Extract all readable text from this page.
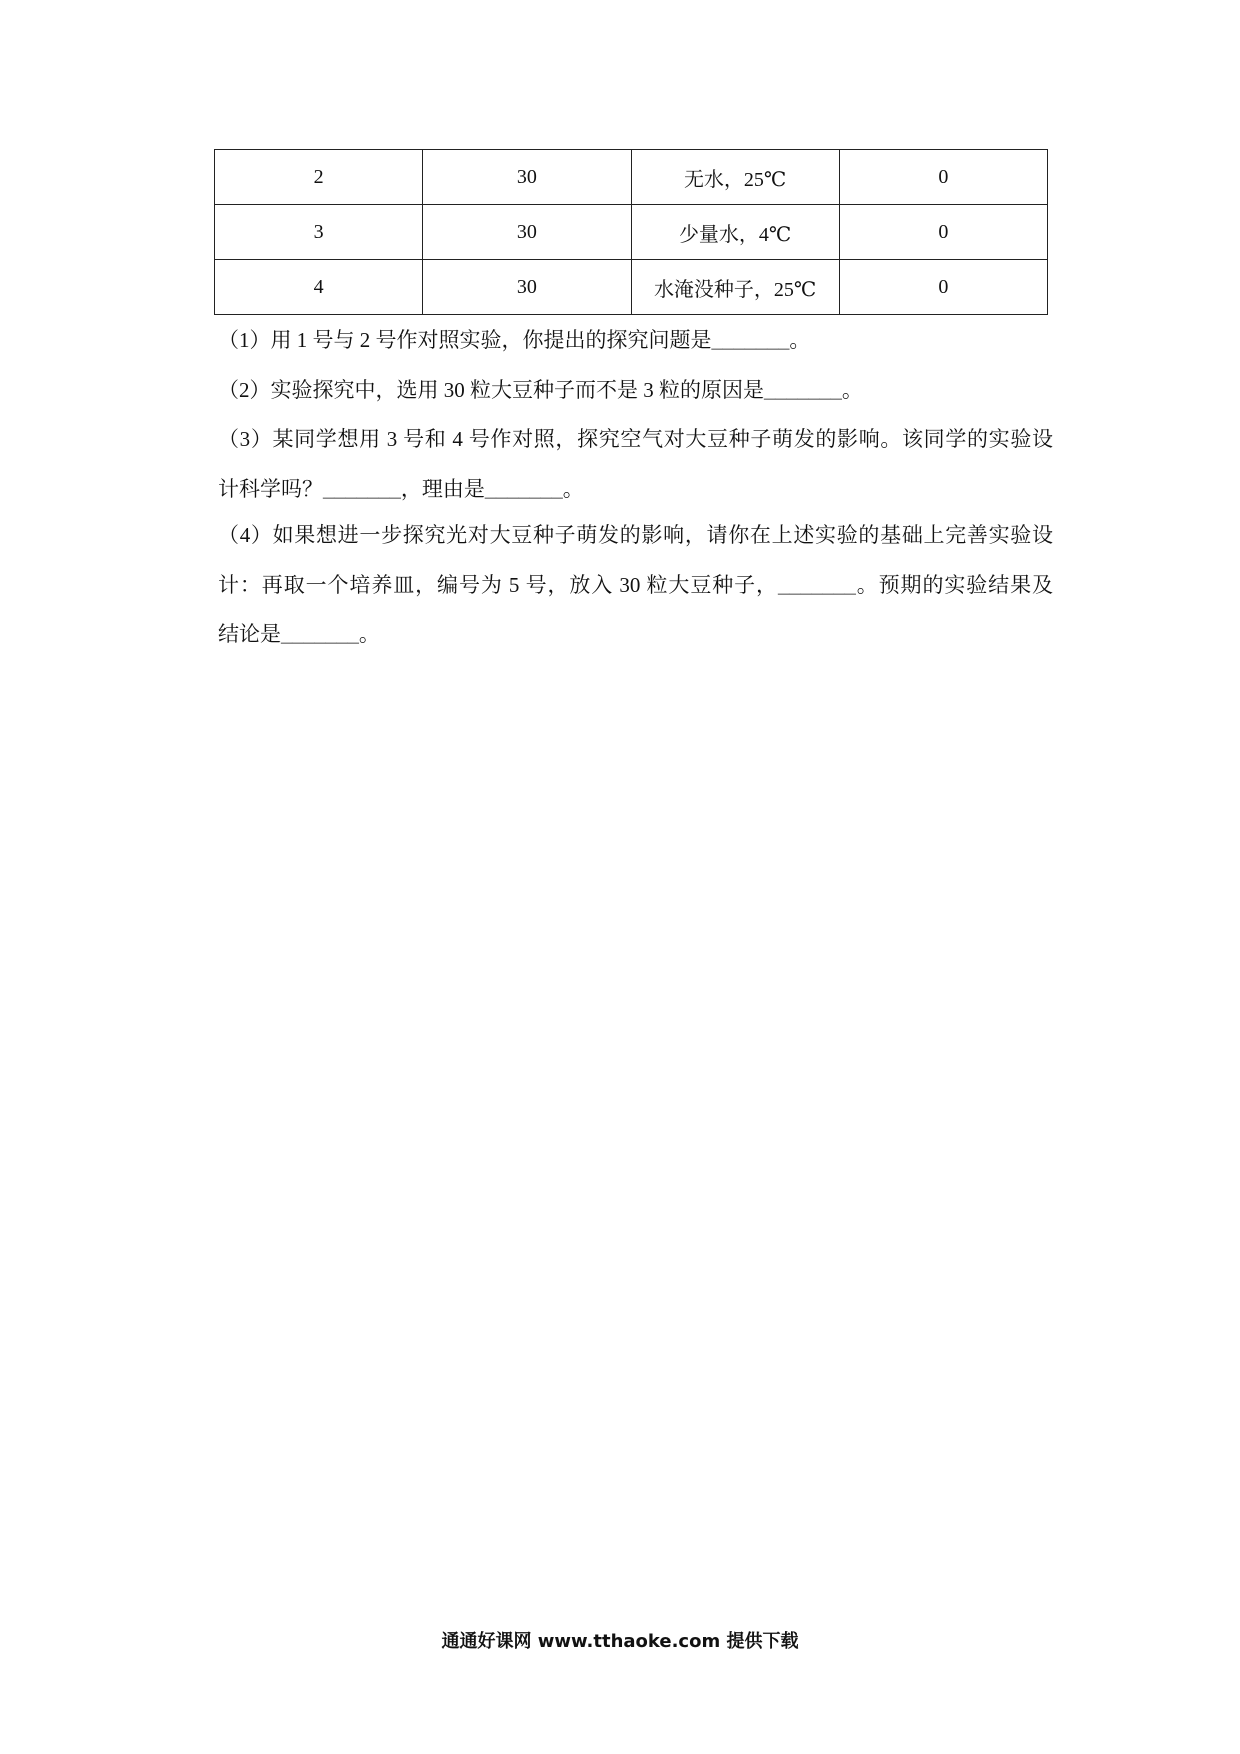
2	30	无水，25℃	0
3	30	少量水，4℃	0
4	30	水淹没种子，25℃	0
（1）用 1 号与 2 号作对照实验，你提出的探究问题是_______。
（2）实验探究中，选用 30 粒大豆种子而不是 3 粒的原因是_______。
（3）某同学想用 3 号和 4 号作对照，探究空气对大豆种子萌发的影响。该同学的实验设
计科学吗？_______，理由是_______。
（4）如果想进一步探究光对大豆种子萌发的影响，请你在上述实验的基础上完善实验设
计：再取一个培养皿，编号为 5 号，放入 30 粒大豆种子，_______。预期的实验结果及
结论是_______。
通通好课网 www.tthaoke.com 提供下载
